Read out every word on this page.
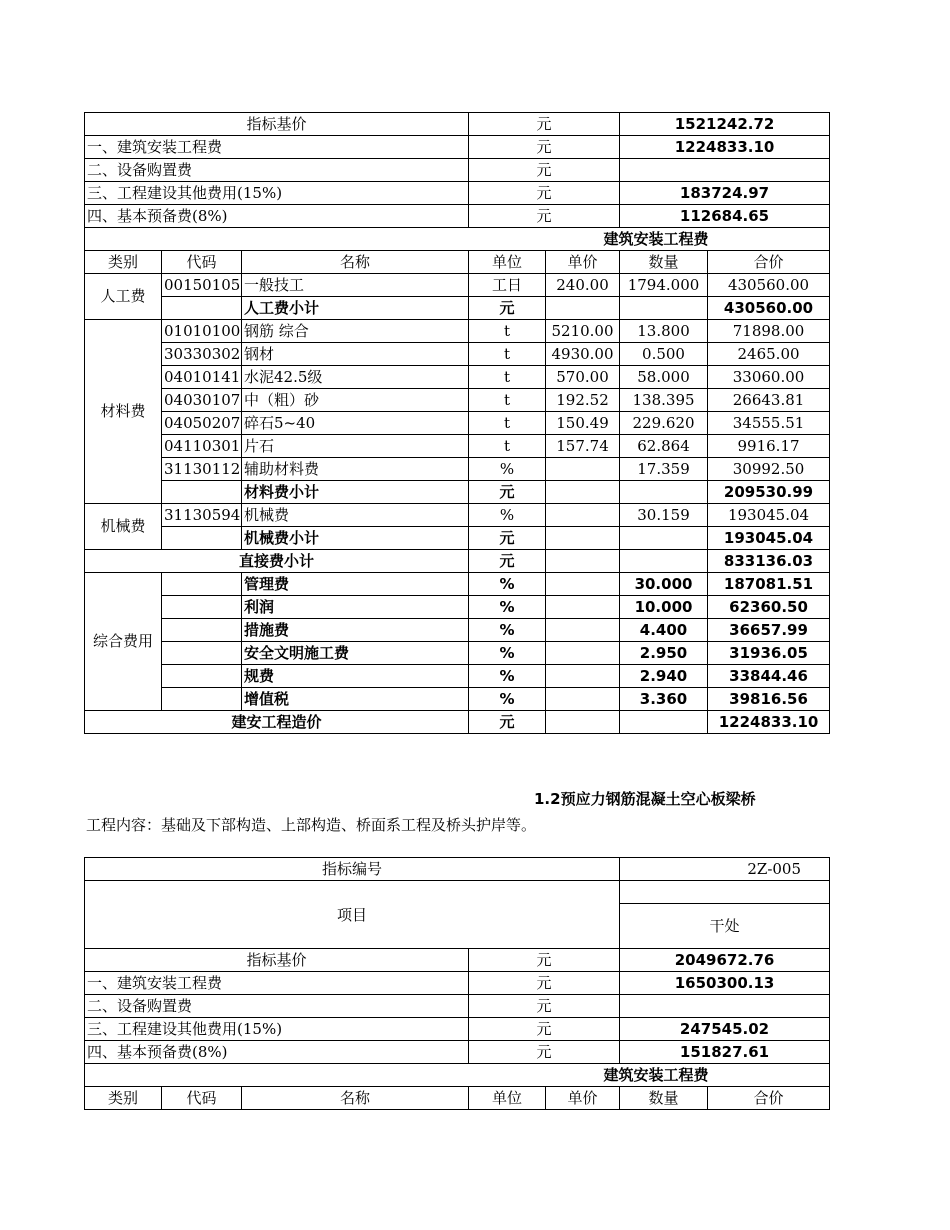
指标基价			元		1521242.72	
一、建筑安装工程费			元		1224833.10	
二、设备购置费			元			
三、工程建设其他费用(15%)			元		183724.97	
四、基本预备费(8%)			元		112684.65	
					建筑安装工程费	
类别	代码	名称	单位	单价	数量	合价
人工费	00150105	一般技工	工日	240.00	1794.000	430560.00
		人工费小计	元			430560.00
材料费	01010100	钢筋 综合	t	5210.00	13.800	71898.00
	30330302	钢材	t	4930.00	0.500	2465.00
	04010141	水泥42.5级	t	570.00	58.000	33060.00
	04030107	中（粗）砂	t	192.52	138.395	26643.81
	04050207	碎石5~40	t	150.49	229.620	34555.51
	04110301	片石	t	157.74	62.864	9916.17
	31130112	辅助材料费	%		17.359	30992.50
		材料费小计	元			209530.99
机械费	31130594	机械费	%		30.159	193045.04
		机械费小计	元			193045.04
直接费小计			元			833136.03
综合费用		管理费	%		30.000	187081.51
		利润	%		10.000	62360.50
		措施费	%		4.400	36657.99
		安全文明施工费	%		2.950	31936.05
		规费	%		2.940	33844.46
		增值税	%		3.360	39816.56
建安工程造价			元			1224833.10
1.2预应力钢筋混凝土空心板梁桥
工程内容：基础及下部构造、上部构造、桥面系工程及桥头护岸等。
指标编号					2Z-005	
项目						
					干处	
指标基价			元		2049672.76	
一、建筑安装工程费			元		1650300.13	
二、设备购置费			元			
三、工程建设其他费用(15%)			元		247545.02	
四、基本预备费(8%)			元		151827.61	
					建筑安装工程费	
类别	代码	名称	单位	单价	数量	合价
